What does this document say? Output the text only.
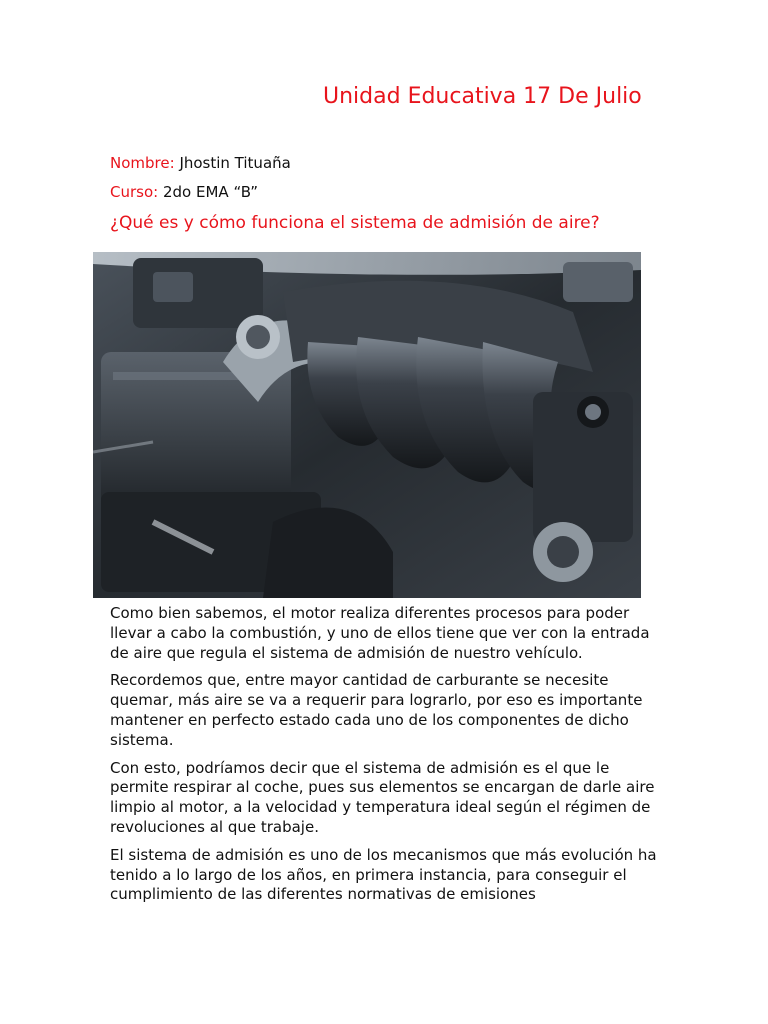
Unidad Educativa 17 De Julio

Nombre: Jhostin Tituaña

Curso: 2do EMA “B”

¿Qué es y cómo funciona el sistema de admisión de aire?

Como bien sabemos, el motor realiza diferentes procesos para poder llevar a cabo la combustión, y uno de ellos tiene que ver con la entrada de aire que regula el sistema de admisión de nuestro vehículo.

Recordemos que, entre mayor cantidad de carburante se necesite quemar, más aire se va a requerir para lograrlo, por eso es importante mantener en perfecto estado cada uno de los componentes de dicho sistema.

Con esto, podríamos decir que el sistema de admisión es el que le permite respirar al coche, pues sus elementos se encargan de darle aire limpio al motor, a la velocidad y temperatura ideal según el régimen de revoluciones al que trabaje.

El sistema de admisión es uno de los mecanismos que más evolución ha tenido a lo largo de los años, en primera instancia, para conseguir el cumplimiento de las diferentes normativas de emisiones
